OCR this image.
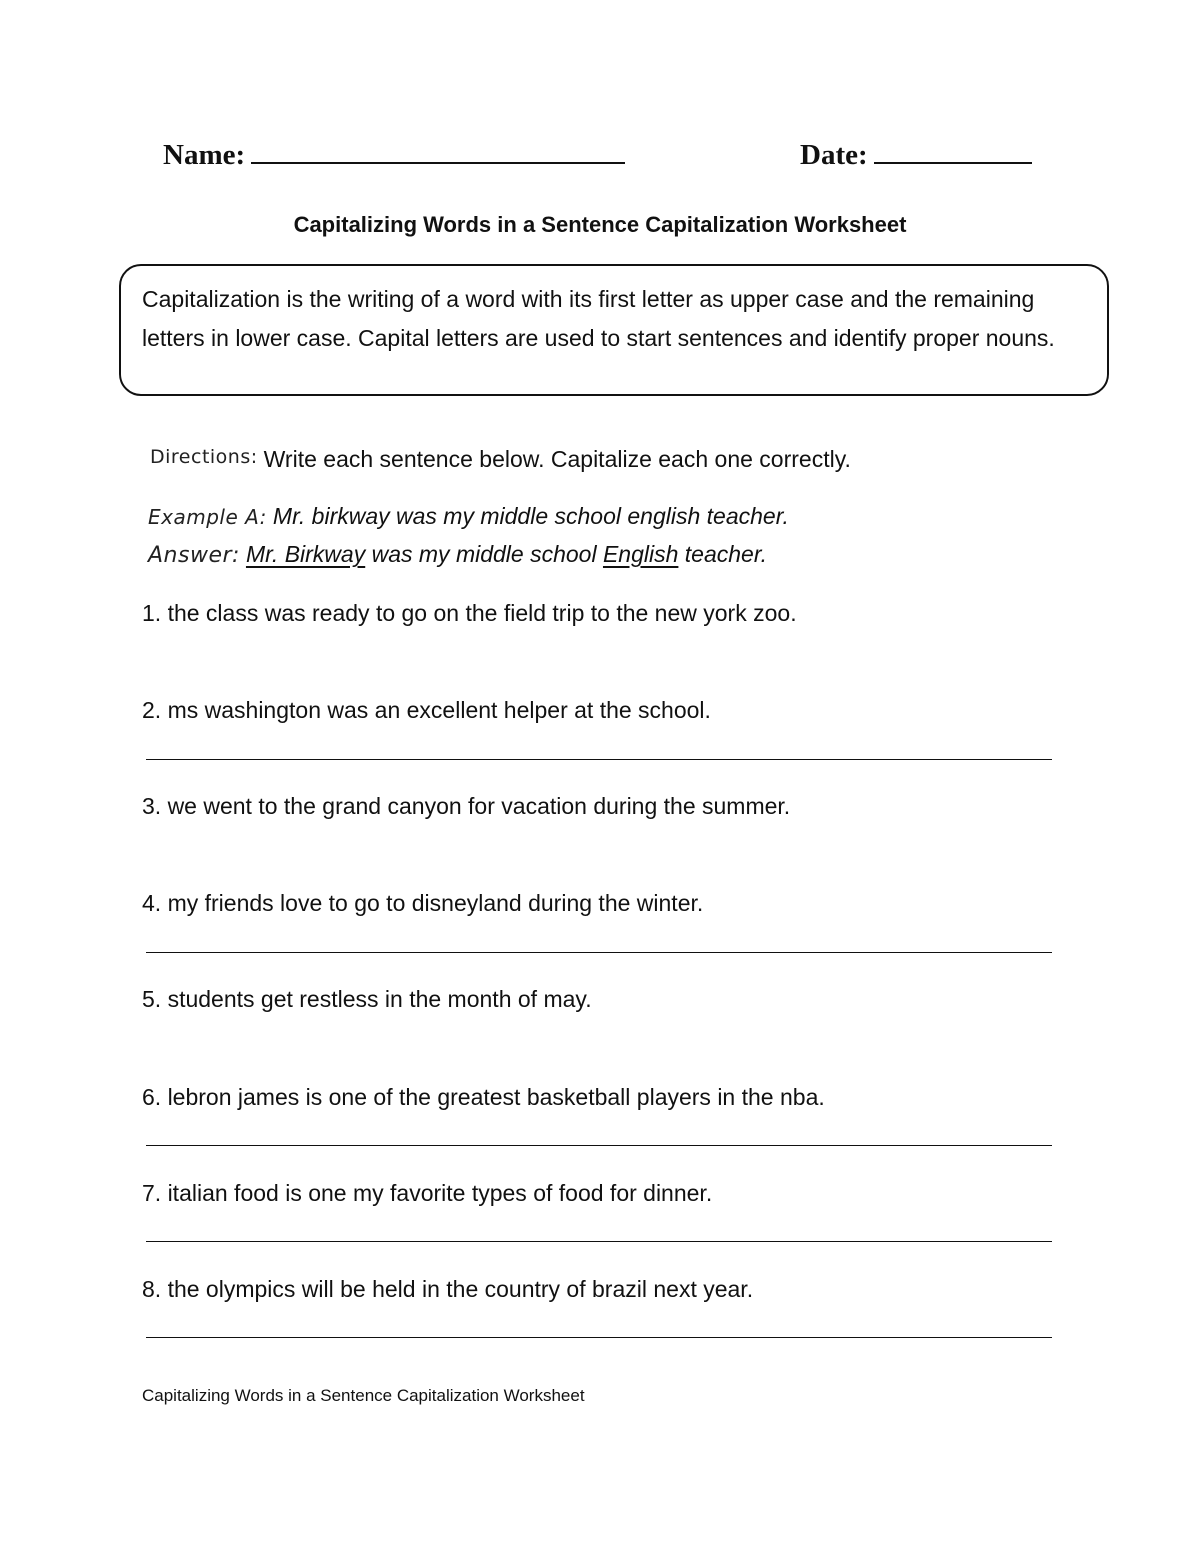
Name:	Date:
Capitalizing Words in a Sentence Capitalization Worksheet
Capitalization is the writing of a word with its first letter as upper case and the remaining letters in lower case. Capital letters are used to start sentences and identify proper nouns.
Directions: Write each sentence below. Capitalize each one correctly.
Example A: Mr. birkway was my middle school english teacher.
Answer: Mr. Birkway was my middle school English teacher.
1. the class was ready to go on the field trip to the new york zoo.
2. ms washington was an excellent helper at the school.
3. we went to the grand canyon for vacation during the summer.
4. my friends love to go to disneyland during the winter.
5. students get restless in the month of may.
6. lebron james is one of the greatest basketball players in the nba.
7. italian food is one my favorite types of food for dinner.
8. the olympics will be held in the country of brazil next year.
Capitalizing Words in a Sentence Capitalization Worksheet
